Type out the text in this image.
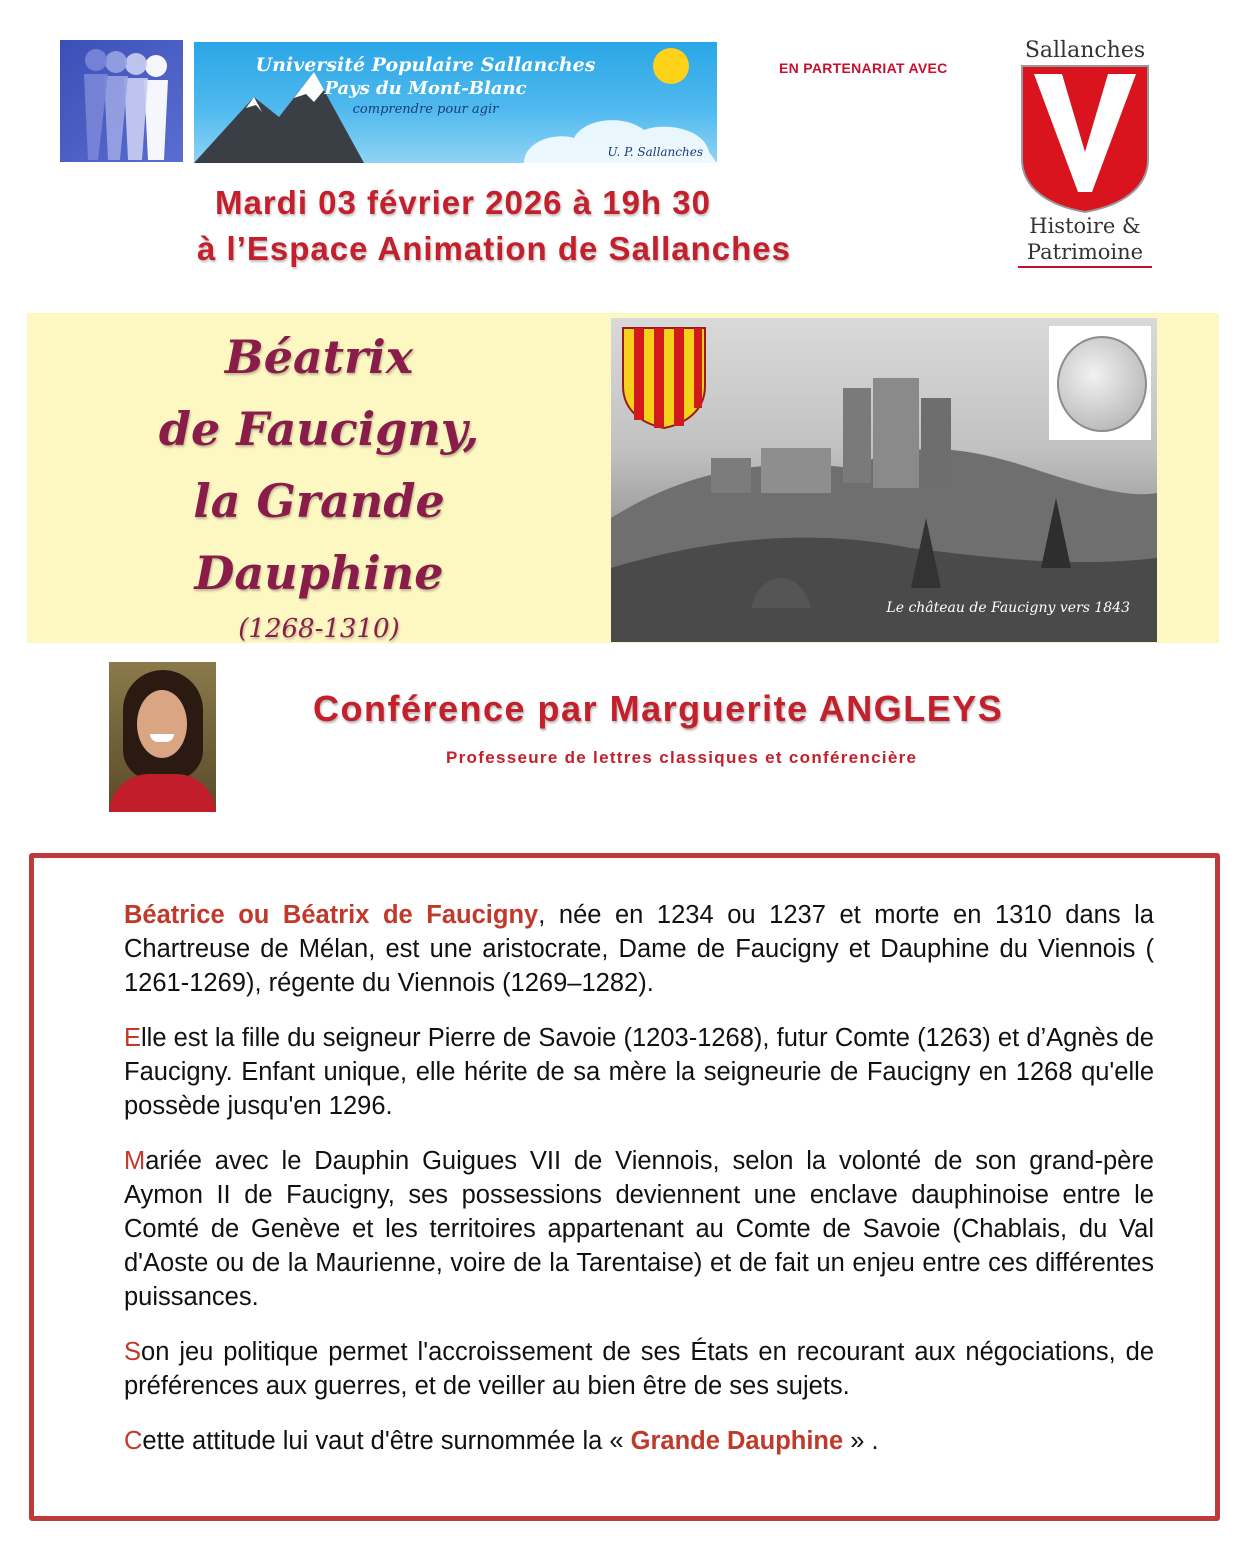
Université Populaire Sallanches
Pays du Mont-Blanc
comprendre pour agir
U. P. Sallanches
EN PARTENARIAT AVEC
Sallanches
Histoire &
Patrimoine
Mardi 03 février 2026 à 19h 30
à l’Espace Animation de Sallanches
Béatrix
de Faucigny,
la Grande
Dauphine
(1268-1310)
Le château de Faucigny vers 1843
Conférence par Marguerite ANGLEYS
Professeure de lettres classiques et conférencière

Béatrice ou Béatrix de Faucigny, née en 1234 ou 1237 et morte en 1310 dans la Chartreuse de Mélan, est une aristocrate, Dame de Faucigny et Dauphine du Viennois ( 1261-1269), régente du Viennois (1269–1282).

Elle est la fille du seigneur Pierre de Savoie (1203-1268), futur Comte (1263) et d’Agnès de Faucigny. Enfant unique, elle hérite de sa mère la seigneurie de Faucigny en 1268 qu'elle possède jusqu'en 1296.

Mariée avec le Dauphin Guigues VII de Viennois, selon la volonté de son grand-père Aymon II de Faucigny, ses possessions deviennent une enclave dauphinoise entre le Comté de Genève et les territoires appartenant au Comte de Savoie (Chablais, du Val d'Aoste ou de la Maurienne, voire de la Tarentaise) et de fait un enjeu entre ces différentes puissances.

Son jeu politique permet l'accroissement de ses États en recourant aux négociations, de préférences aux guerres, et de veiller au bien être de ses sujets.

Cette attitude lui vaut d'être surnommée la « Grande Dauphine » .
